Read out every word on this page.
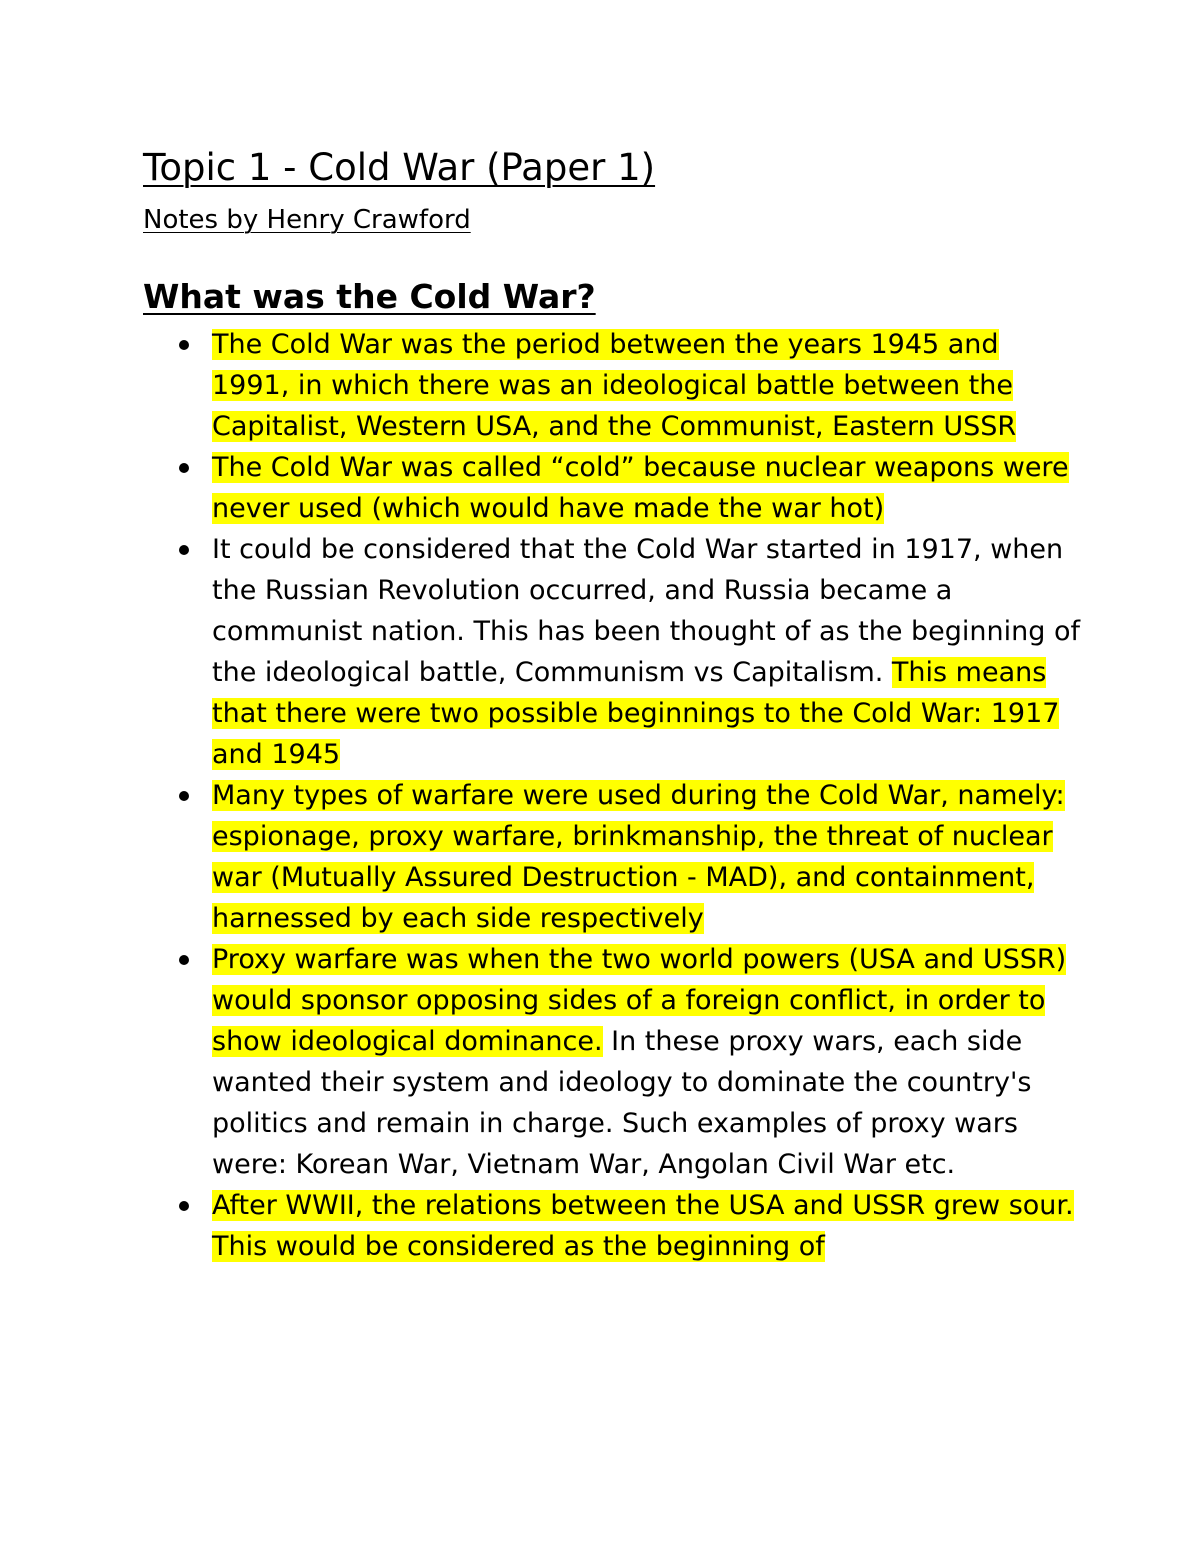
Topic 1 - Cold War (Paper 1)

Notes by Henry Crawford

What was the Cold War?
The Cold War was the period between the years 1945 and 1991, in which there was an ideological battle between the Capitalist, Western USA, and the Communist, Eastern USSR
The Cold War was called “cold” because nuclear weapons were never used (which would have made the war hot)
It could be considered that the Cold War started in 1917, when the Russian Revolution occurred, and Russia became a communist nation. This has been thought of as the beginning of the ideological battle, Communism vs Capitalism. This means that there were two possible beginnings to the Cold War: 1917 and 1945
Many types of warfare were used during the Cold War, namely: espionage, proxy warfare, brinkmanship, the threat of nuclear war (Mutually Assured Destruction - MAD), and containment, harnessed by each side respectively
Proxy warfare was when the two world powers (USA and USSR) would sponsor opposing sides of a foreign conflict, in order to show ideological dominance. In these proxy wars, each side wanted their system and ideology to dominate the country's politics and remain in charge. Such examples of proxy wars were: Korean War, Vietnam War, Angolan Civil War etc.
After WWII, the relations between the USA and USSR grew sour. This would be considered as the beginning of
